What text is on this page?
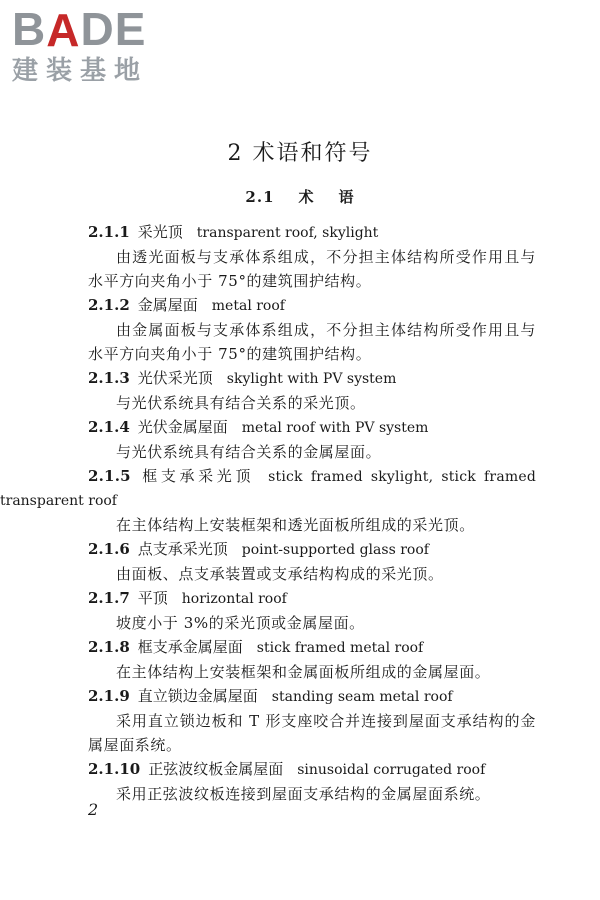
B A DE
建装基地
2 术语和符号
2.1 术 语

2.1.1 采光顶 transparent roof, skylight

由透光面板与支承体系组成，不分担主体结构所受作用且与水平方向夹角小于 75°的建筑围护结构。

2.1.2 金属屋面 metal roof

由金属面板与支承体系组成，不分担主体结构所受作用且与水平方向夹角小于 75°的建筑围护结构。

2.1.3 光伏采光顶 skylight with PV system

与光伏系统具有结合关系的采光顶。

2.1.4 光伏金属屋面 metal roof with PV system

与光伏系统具有结合关系的金属屋面。

2.1.5 框支承采光顶 stick framed skylight, stick framed

transparent roof

在主体结构上安装框架和透光面板所组成的采光顶。

2.1.6 点支承采光顶 point-supported glass roof

由面板、点支承装置或支承结构构成的采光顶。

2.1.7 平顶 horizontal roof

坡度小于 3%的采光顶或金属屋面。

2.1.8 框支承金属屋面 stick framed metal roof

在主体结构上安装框架和金属面板所组成的金属屋面。

2.1.9 直立锁边金属屋面 standing seam metal roof

采用直立锁边板和 T 形支座咬合并连接到屋面支承结构的金属屋面系统。

2.1.10 正弦波纹板金属屋面 sinusoidal corrugated roof

采用正弦波纹板连接到屋面支承结构的金属屋面系统。

2
